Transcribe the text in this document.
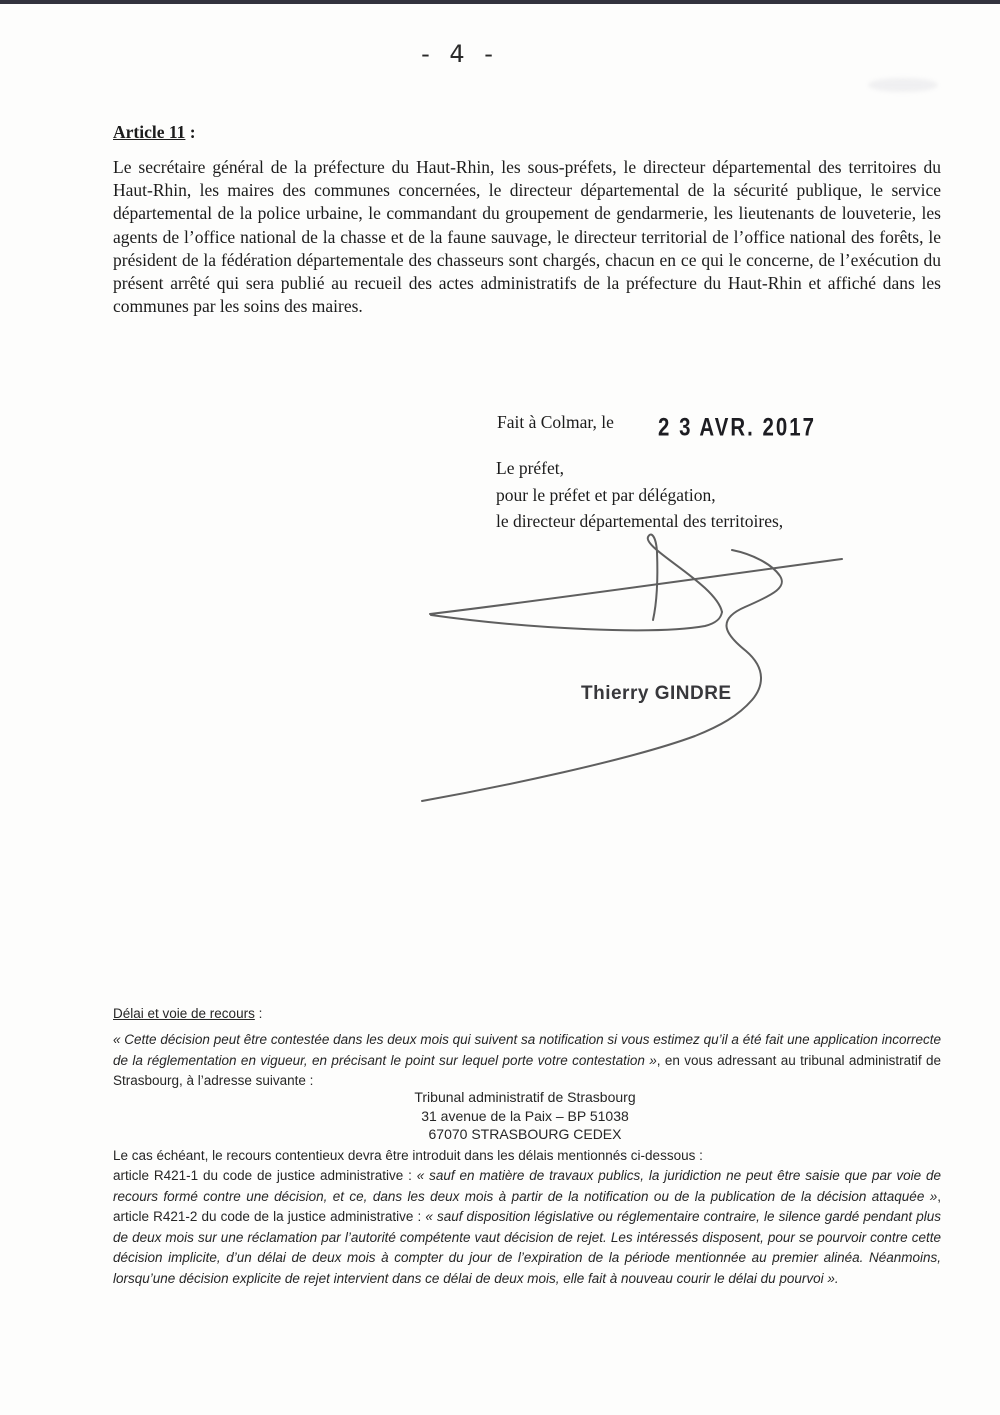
- 4 -
Article 11 :
Le secrétaire général de la préfecture du Haut-Rhin, les sous-préfets, le directeur départemental des territoires du Haut-Rhin, les maires des communes concernées, le directeur départemental de la sécurité publique, le service départemental de la police urbaine, le commandant du groupement de gendarmerie, les lieutenants de louveterie, les agents de l’office national de la chasse et de la faune sauvage, le directeur territorial de l’office national des forêts, le président de la fédération départementale des chasseurs sont chargés, chacun en ce qui le concerne, de l’exécution du présent arrêté qui sera publié au recueil des actes administratifs de la préfecture du Haut-Rhin et affiché dans les communes par les soins des maires.
Fait à Colmar, le 2 3 AVR. 2017
Le préfet,
pour le préfet et par délégation,
le directeur départemental des territoires,
Thierry GINDRE
Délai et voie de recours :
« Cette décision peut être contestée dans les deux mois qui suivent sa notification si vous estimez qu’il a été fait une application incorrecte de la réglementation en vigueur, en précisant le point sur lequel porte votre contestation », en vous adressant au tribunal administratif de Strasbourg, à l’adresse suivante :
Tribunal administratif de Strasbourg
31 avenue de la Paix – BP 51038
67070 STRASBOURG CEDEX
Le cas échéant, le recours contentieux devra être introduit dans les délais mentionnés ci-dessous :
article R421-1 du code de justice administrative : « sauf en matière de travaux publics, la juridiction ne peut être saisie que par voie de recours formé contre une décision, et ce, dans les deux mois à partir de la notification ou de la publication de la décision attaquée », article R421-2 du code de la justice administrative : « sauf disposition législative ou réglementaire contraire, le silence gardé pendant plus de deux mois sur une réclamation par l’autorité compétente vaut décision de rejet. Les intéressés disposent, pour se pourvoir contre cette décision implicite, d’un délai de deux mois à compter du jour de l’expiration de la période mentionnée au premier alinéa. Néanmoins, lorsqu’une décision explicite de rejet intervient dans ce délai de deux mois, elle fait à nouveau courir le délai du pourvoi ».
